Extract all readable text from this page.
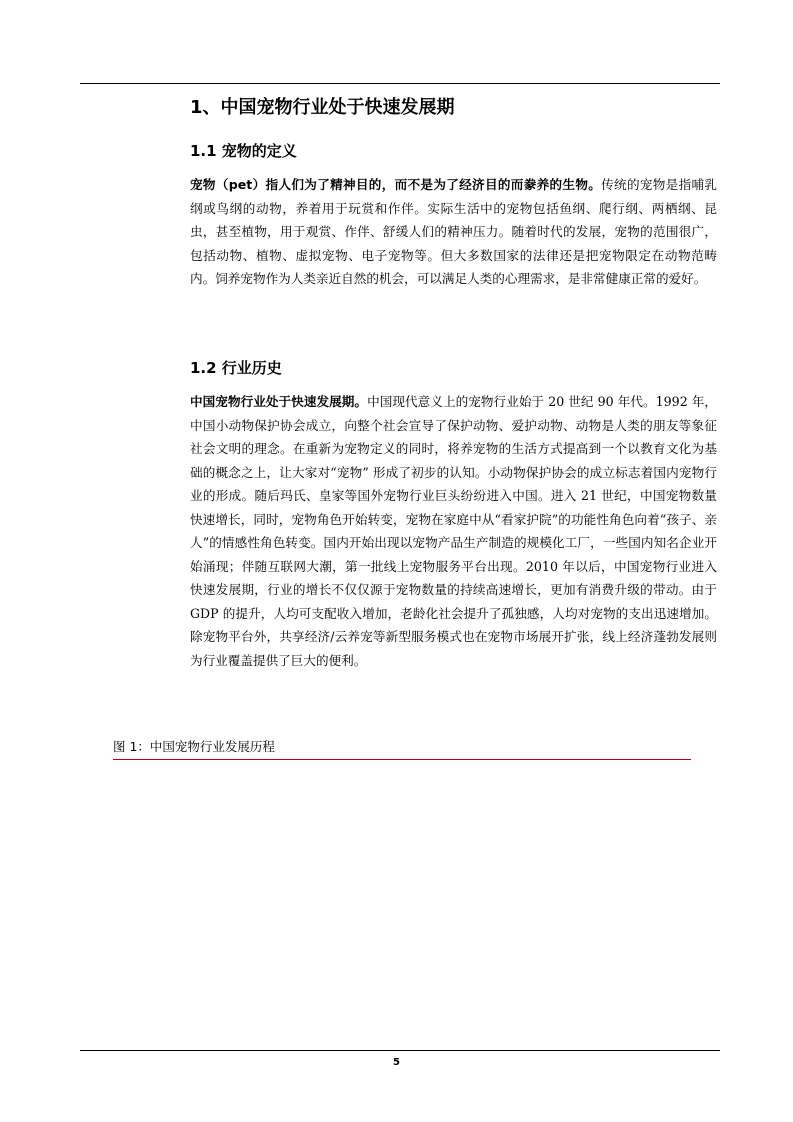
1、中国宠物行业处于快速发展期
1.1 宠物的定义

宠物（pet）指人们为了精神目的，而不是为了经济目的而豢养的生物。传统的宠物是指哺乳纲或鸟纲的动物，养着用于玩赏和作伴。实际生活中的宠物包括鱼纲、爬行纲、两栖纲、昆虫，甚至植物，用于观赏、作伴、舒缓人们的精神压力。随着时代的发展，宠物的范围很广，包括动物、植物、虚拟宠物、电子宠物等。但大多数国家的法律还是把宠物限定在动物范畴内。饲养宠物作为人类亲近自然的机会，可以满足人类的心理需求，是非常健康正常的爱好。

1.2 行业历史

中国宠物行业处于快速发展期。中国现代意义上的宠物行业始于 20 世纪 90 年代。1992 年，中国小动物保护协会成立，向整个社会宣导了保护动物、爱护动物、动物是人类的朋友等象征社会文明的理念。在重新为宠物定义的同时，将养宠物的生活方式提高到一个以教育文化为基础的概念之上，让大家对“宠物” 形成了初步的认知。小动物保护协会的成立标志着国内宠物行业的形成。随后玛氏、皇家等国外宠物行业巨头纷纷进入中国。进入 21 世纪，中国宠物数量快速增长，同时，宠物角色开始转变，宠物在家庭中从“看家护院”的功能性角色向着“孩子、亲人”的情感性角色转变。国内开始出现以宠物产品生产制造的规模化工厂，一些国内知名企业开始涌现；伴随互联网大潮，第一批线上宠物服务平台出现。2010 年以后，中国宠物行业进入快速发展期，行业的增长不仅仅源于宠物数量的持续高速增长，更加有消费升级的带动。由于 GDP 的提升，人均可支配收入增加，老龄化社会提升了孤独感，人均对宠物的支出迅速增加。除宠物平台外，共享经济/云养宠等新型服务模式也在宠物市场展开扩张，线上经济蓬勃发展则为行业覆盖提供了巨大的便利。

图 1：中国宠物行业发展历程
5
